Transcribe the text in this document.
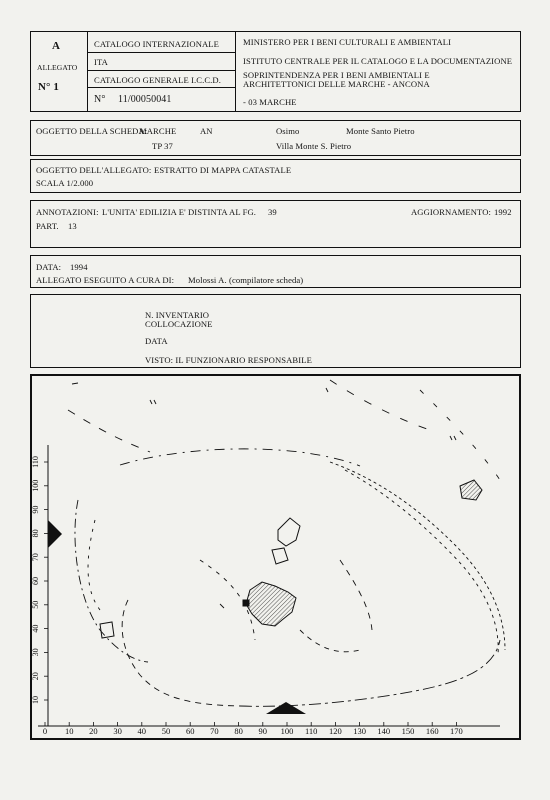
A
ALLEGATO
N° 1
CATALOGO INTERNAZIONALE
ITA
CATALOGO GENERALE I.C.C.D.
N° 11/00050041
MINISTERO PER I BENI CULTURALI E AMBIENTALI
ISTITUTO CENTRALE PER IL CATALOGO E LA DOCUMENTAZIONE
SOPRINTENDENZA PER I BENI AMBIENTALI E
ARCHITETTONICI DELLE MARCHE - ANCONA
- 03 MARCHE
OGGETTO DELLA SCHEDA:
MARCHE	AN	Osimo	Monte Santo Pietro
TP 37	Villa Monte S. Pietro
OGGETTO DELL'ALLEGATO: ESTRATTO DI MAPPA CATASTALE
SCALA 1/2.000
ANNOTAZIONI: L'UNITA' EDILIZIA E' DISTINTA AL FG. 39
PART. 13
AGGIORNAMENTO: 1992
DATA: 1994
ALLEGATO ESEGUITO A CURA DI: Molossi A. (compilatore scheda)
N. INVENTARIO
COLLOCAZIONE
DATA
VISTO: IL FUNZIONARIO RESPONSABILE
0 10 20 30 40 50 60 70 80 90 100 110 120 130 140 150 160 170
10
20
30
40
50
60
70
80
90
100
110
